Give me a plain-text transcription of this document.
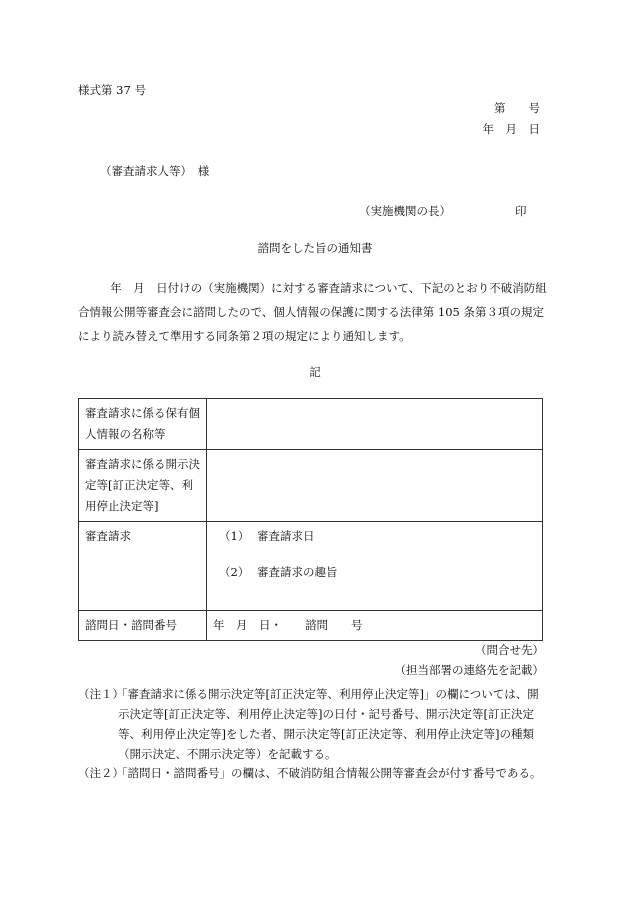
様式第 37 号
第　　号
年　月　日
（審査請求人等）　様
（実施機関の長）	印
諮問をした旨の通知書
年　月　日付けの（実施機関）に対する審査請求について、下記のとおり不破消防組合情報公開等審査会に諮問したので、個人情報の保護に関する法律第 105 条第３項の規定により読み替えて準用する同条第２項の規定により通知します。
記
審査請求に係る保有個人情報の名称等	
審査請求に係る開示決定等[訂正決定等、利用停止決定等]	
審査請求	（1） 審査請求日
（2） 審査請求の趣旨

諮問日・諮問番号	年　月　日・　　諮問　　号
（問合せ先）
（担当部署の連絡先を記載）
（注１）
「審査請求に係る開示決定等[訂正決定等、利用停止決定等]」の欄については、開示決定等[訂正決定等、利用停止決定等]の日付・記号番号、開示決定等[訂正決定等、利用停止決定等]をした者、開示決定等[訂正決定等、利用停止決定等]の種類（開示決定、不開示決定等）を記載する。
（注２）
「諮問日・諮問番号」の欄は、不破消防組合情報公開等審査会が付す番号である。
